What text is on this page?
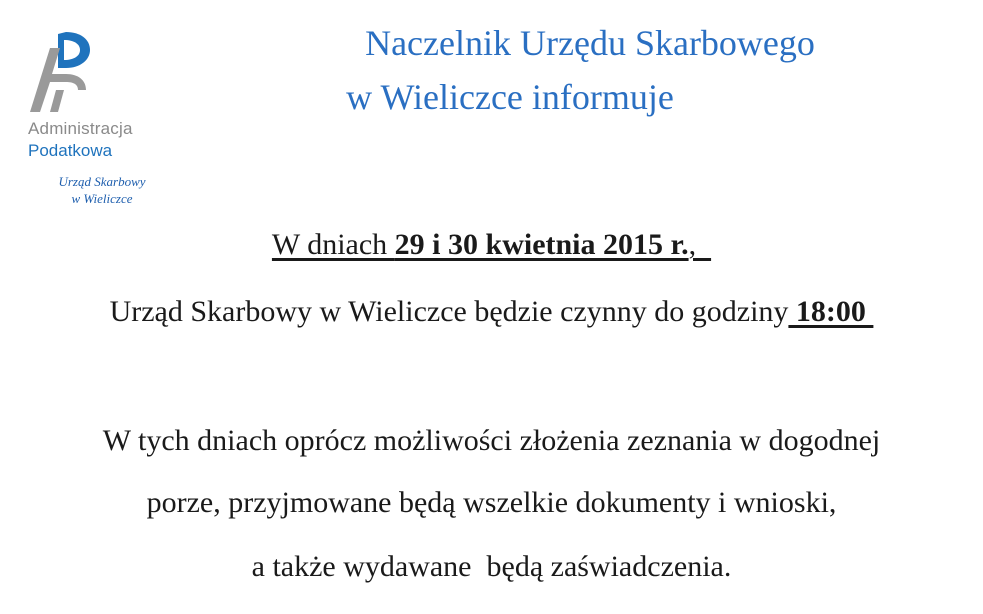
Administracja
Podatkowa
Urząd Skarbowy
w Wieliczce
Naczelnik Urzędu Skarbowego
w Wieliczce informuje
W dniach 29 i 30 kwietnia 2015 r.,
Urząd Skarbowy w Wieliczce będzie czynny do godziny 18:00
W tych dniach oprócz możliwości złożenia zeznania w dogodnej
porze, przyjmowane będą wszelkie dokumenty i wnioski,
a także wydawane  będą zaświadczenia.
